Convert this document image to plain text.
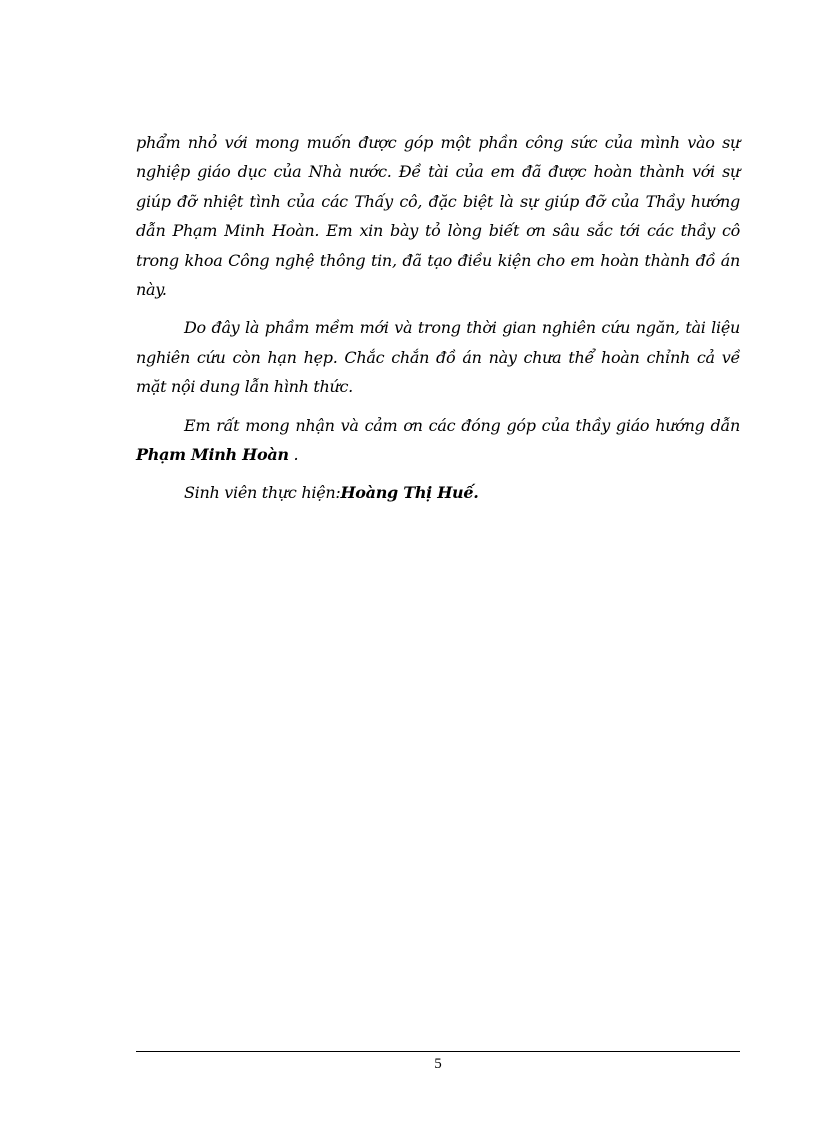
phẩm nhỏ với mong muốn được góp một phần công sức của mình vào sự nghiệp giáo dục của Nhà nước. Đề tài của em đã được hoàn thành với sự giúp đỡ nhiệt tình của các Thấy cô, đặc biệt là sự giúp đỡ của Thầy hướng dẫn Phạm Minh Hoàn. Em xin bày tỏ lòng biết ơn sâu sắc tới các thầy cô trong khoa Công nghệ thông tin, đã tạo điều kiện cho em hoàn thành đồ án này.

Do đây là phầm mềm mới và trong thời gian nghiên cứu ngăn, tài liệu nghiên cứu còn hạn hẹp. Chắc chắn đồ án này chưa thể hoàn chỉnh cả về mặt nội dung lẫn hình thức.

Em rất mong nhận và cảm ơn các đóng góp của thầy giáo hướng dẫn Phạm Minh Hoàn .

Sinh viên thực hiện:Hoàng Thị Huế.

5
